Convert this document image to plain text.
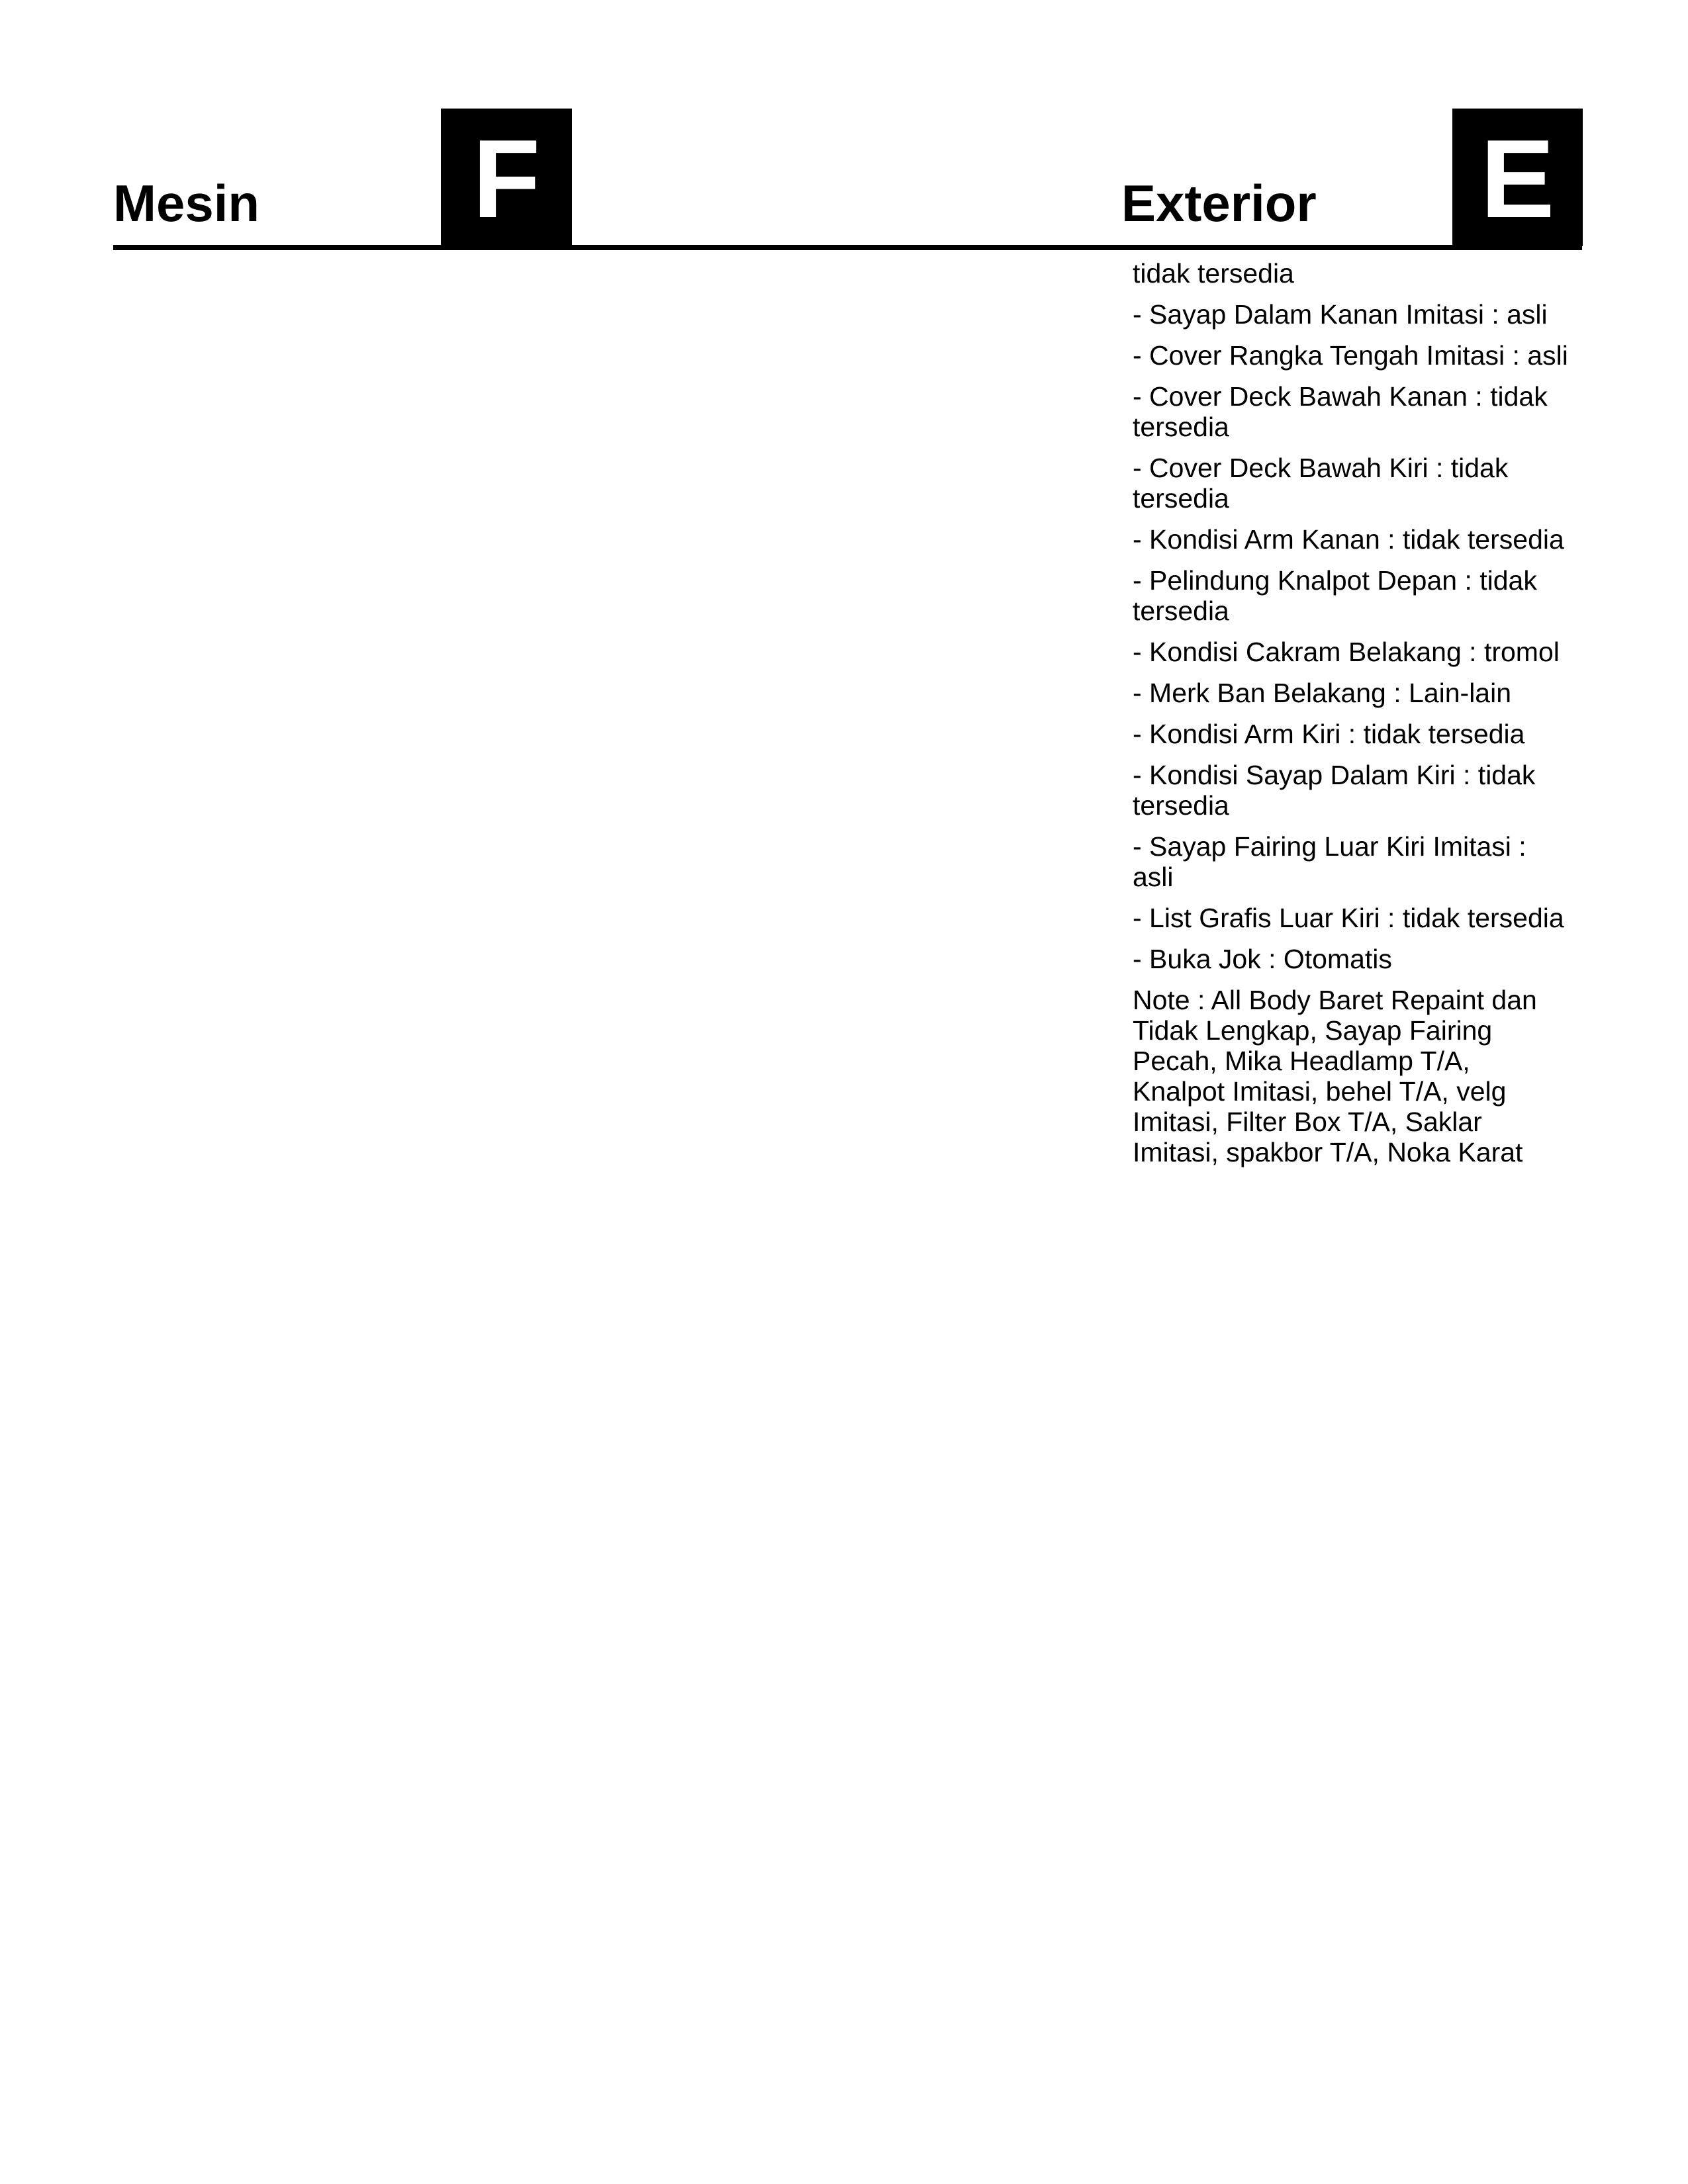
Mesin F	Exterior E

tidak tersedia

- Sayap Dalam Kanan Imitasi : asli

- Cover Rangka Tengah Imitasi : asli

- Cover Deck Bawah Kanan : tidak tersedia

- Cover Deck Bawah Kiri : tidak tersedia

- Kondisi Arm Kanan : tidak tersedia

- Pelindung Knalpot Depan : tidak tersedia

- Kondisi Cakram Belakang : tromol

- Merk Ban Belakang : Lain-lain

- Kondisi Arm Kiri : tidak tersedia

- Kondisi Sayap Dalam Kiri : tidak tersedia

- Sayap Fairing Luar Kiri Imitasi : asli

- List Grafis Luar Kiri : tidak tersedia

- Buka Jok : Otomatis

Note : All Body Baret Repaint dan Tidak Lengkap, Sayap Fairing Pecah, Mika Headlamp T/A, Knalpot Imitasi, behel T/A, velg Imitasi, Filter Box T/A, Saklar Imitasi, spakbor T/A, Noka Karat
